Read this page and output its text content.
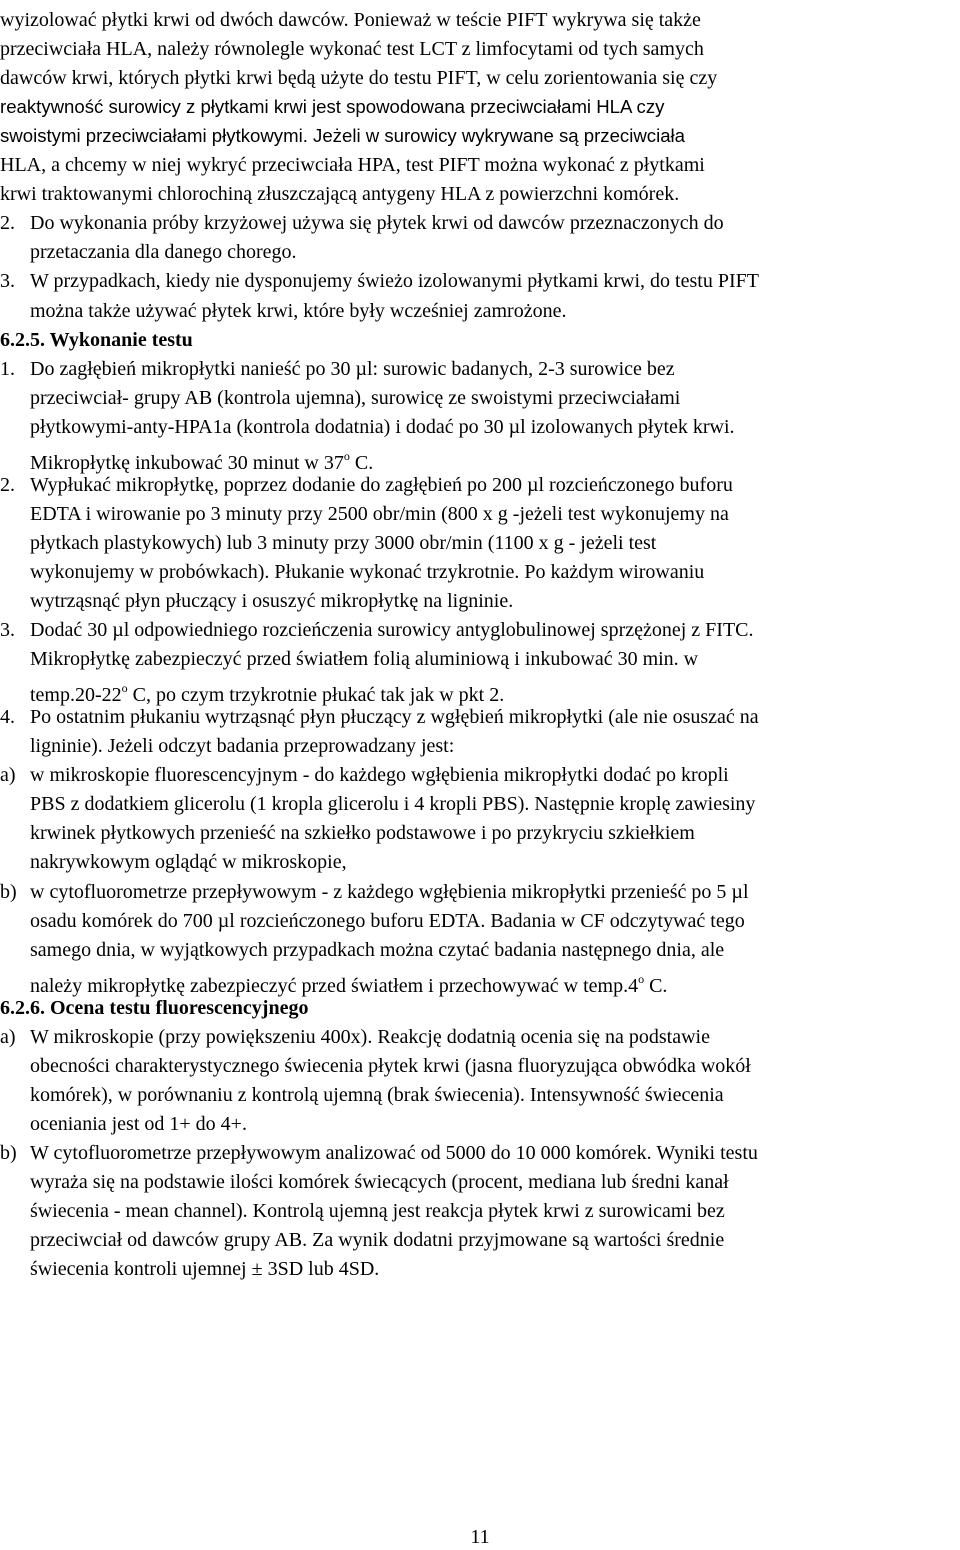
wyizolować płytki krwi od dwóch dawców. Ponieważ w teście PIFT wykrywa się także
przeciwciała HLA, należy równolegle wykonać test LCT z limfocytami od tych samych
dawców krwi, których płytki krwi będą użyte do testu PIFT, w celu zorientowania się czy
reaktywność surowicy z płytkami krwi jest spowodowana przeciwciałami HLA czy
swoistymi przeciwciałami płytkowymi. Jeżeli w surowicy wykrywane są przeciwciała
HLA, a chcemy w niej wykryć przeciwciała HPA, test PIFT można wykonać z płytkami
krwi traktowanymi chlorochiną złuszczającą antygeny HLA z powierzchni komórek.
2. Do wykonania próby krzyżowej używa się płytek krwi od dawców przeznaczonych do
przetaczania dla danego chorego.
3. W przypadkach, kiedy nie dysponujemy świeżo izolowanymi płytkami krwi, do testu PIFT
można także używać płytek krwi, które były wcześniej zamrożone.
6.2.5. Wykonanie testu
1. Do zagłębień mikropłytki nanieść po 30 µl: surowic badanych, 2-3 surowice bez
przeciwciał- grupy AB (kontrola ujemna), surowicę ze swoistymi przeciwciałami
płytkowymi-anty-HPA1a (kontrola dodatnia) i dodać po 30 µl izolowanych płytek krwi.
Mikropłytkę inkubować 30 minut w 37$^o$ C.
2. Wypłukać mikropłytkę, poprzez dodanie do zagłębień po 200 µl rozcieńczonego buforu
EDTA i wirowanie po 3 minuty przy 2500 obr/min (800 x g -jeżeli test wykonujemy na
płytkach plastykowych) lub 3 minuty przy 3000 obr/min (1100 x g - jeżeli test
wykonujemy w probówkach). Płukanie wykonać trzykrotnie. Po każdym wirowaniu
wytrząsnąć płyn płuczący i osuszyć mikropłytkę na ligninie.
3. Dodać 30 µl odpowiedniego rozcieńczenia surowicy antyglobulinowej sprzężonej z FITC.
Mikropłytkę zabezpieczyć przed światłem folią aluminiową i inkubować 30 min. w
temp.20-22$^o$ C, po czym trzykrotnie płukać tak jak w pkt 2.
4. Po ostatnim płukaniu wytrząsnąć płyn płuczący z wgłębień mikropłytki (ale nie osuszać na
ligninie). Jeżeli odczyt badania przeprowadzany jest:
a) w mikroskopie fluorescencyjnym - do każdego wgłębienia mikropłytki dodać po kropli
PBS z dodatkiem glicerolu (1 kropla glicerolu i 4 kropli PBS). Następnie kroplę zawiesiny
krwinek płytkowych przenieść na szkiełko podstawowe i po przykryciu szkiełkiem
nakrywkowym oglądąć w mikroskopie,
b) w cytofluorometrze przepływowym - z każdego wgłębienia mikropłytki przenieść po 5 µl
osadu komórek do 700 µl rozcieńczonego buforu EDTA. Badania w CF odczytywać tego
samego dnia, w wyjątkowych przypadkach można czytać badania następnego dnia, ale
należy mikropłytkę zabezpieczyć przed światłem i przechowywać w temp.4$^o$ C.
6.2.6. Ocena testu fluorescencyjnego
a) W mikroskopie (przy powiększeniu 400x). Reakcję dodatnią ocenia się na podstawie
obecności charakterystycznego świecenia płytek krwi (jasna fluoryzująca obwódka wokół
komórek), w porównaniu z kontrolą ujemną (brak świecenia). Intensywność świecenia
oceniania jest od 1+ do 4+.
b) W cytofluorometrze przepływowym analizować od 5000 do 10 000 komórek. Wyniki testu
wyraża się na podstawie ilości komórek świecących (procent, mediana lub średni kanał
świecenia - mean channel). Kontrolą ujemną jest reakcja płytek krwi z surowicami bez
przeciwciał od dawców grupy AB. Za wynik dodatni przyjmowane są wartości średnie
świecenia kontroli ujemnej ± 3SD lub 4SD.
11
